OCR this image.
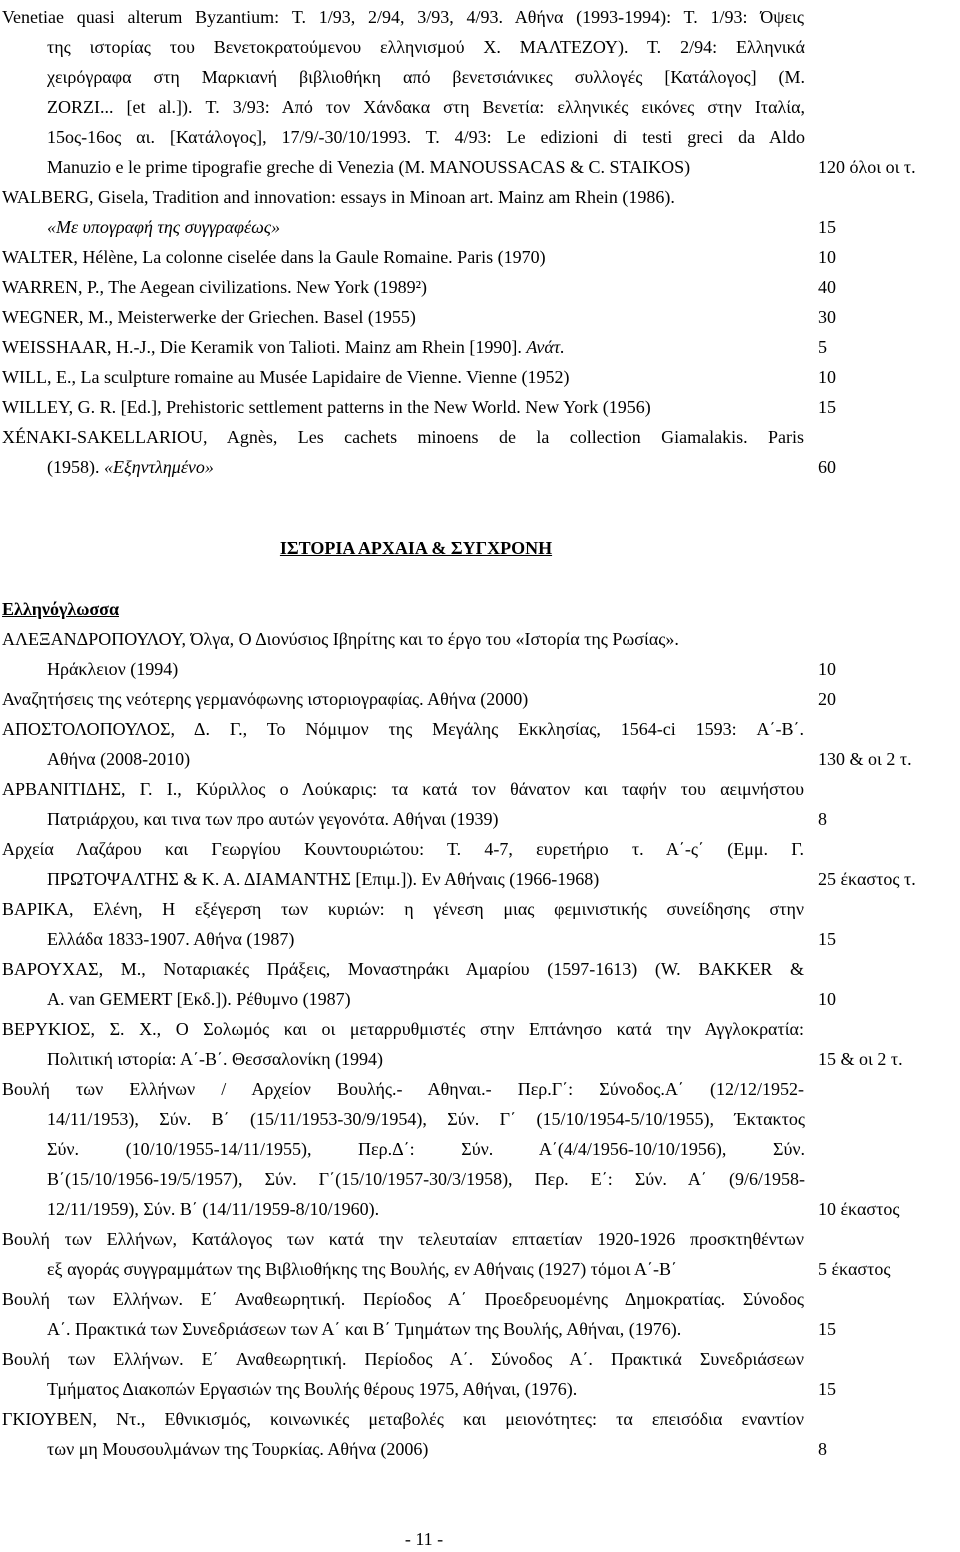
Venetiae quasi alterum Byzantium: Τ. 1/93, 2/94, 3/93, 4/93. Αθήνα (1993-1994): Τ. 1/93: Όψεις
της ιστορίας του Βενετοκρατούμενου ελληνισμού Χ. ΜΑΛΤΕΖΟΥ). Τ. 2/94: Ελληνικά
χειρόγραφα στη Μαρκιανή βιβλιοθήκη από βενετσιάνικες συλλογές [Κατάλογος] (Μ.
ZORZI... [et al.]). Τ. 3/93: Από τον Χάνδακα στη Βενετία: ελληνικές εικόνες στην Ιταλία,
15ος-16ος αι. [Κατάλογος], 17/9/-30/10/1993. Τ. 4/93: Le edizioni di testi greci da Aldo
Manuzio e le prime tipografie greche di Venezia (M. MANOUSSACAS & C. STAIKOS)	120 όλοι οι τ.
WALBERG, Gisela, Tradition and innovation: essays in Minoan art. Mainz am Rhein (1986).
«Με υπογραφή της συγγραφέως»	15
WALTER, Hélène, La colonne ciselée dans la Gaule Romaine. Paris (1970)	10
WARREN, P., The Aegean civilizations. New York (1989²)	40
WEGNER, M., Meisterwerke der Griechen. Basel (1955)	30
WEISSHAAR, H.-J., Die Keramik von Talioti. Mainz am Rhein [1990]. Ανάτ.	5
WILL, E., La sculpture romaine au Musée Lapidaire de Vienne. Vienne (1952)	10
WILLEY, G. R. [Ed.], Prehistoric settlement patterns in the New World. New York (1956)	15
ΧÉNAKI-SAKELLARIOU, Agnès, Les cachets minoens de la collection Giamalakis. Paris
(1958). «Εξηντλημένο»	60
ΙΣΤΟΡΙΑ ΑΡΧΑΙΑ & ΣΥΓΧΡΟΝΗ
Ελληνόγλωσσα
ΑΛΕΞΑΝΔΡΟΠΟΥΛΟΥ, Όλγα, Ο Διονύσιος Ιβηρίτης και το έργο του «Ιστορία της Ρωσίας».
Ηράκλειον (1994)	10
Αναζητήσεις της νεότερης γερμανόφωνης ιστοριογραφίας. Αθήνα (2000)	20
ΑΠΟΣΤΟΛΟΠΟΥΛΟΣ, Δ. Γ., Το Νόμιμον της Μεγάλης Εκκλησίας, 1564-ci 1593: Α΄-Β΄.
Αθήνα (2008-2010)	130 & οι 2 τ.
ΑΡΒΑΝΙΤΙΔΗΣ, Γ. Ι., Κύριλλος ο Λούκαρις: τα κατά τον θάνατον και ταφήν του αειμνήστου
Πατριάρχου, και τινα των προ αυτών γεγονότα. Αθήναι (1939)	8
Αρχεία Λαζάρου και Γεωργίου Κουντουριώτου: Τ. 4-7, ευρετήριο τ. Α΄-ς΄ (Εμμ. Γ.
ΠΡΩΤΟΨΑΛΤΗΣ & Κ. Α. ΔΙΑΜΑΝΤΗΣ [Επιμ.]). Εν Αθήναις (1966-1968)	25 έκαστος τ.
ΒΑΡΙΚΑ, Ελένη, Η εξέγερση των κυριών: η γένεση μιας φεμινιστικής συνείδησης στην
Ελλάδα 1833-1907. Αθήνα (1987)	15
ΒΑΡΟΥΧΑΣ, Μ., Νοταριακές Πράξεις, Μοναστηράκι Αμαρίου (1597-1613) (W. BAKKER &
A. van GEMERT [Εκδ.]). Ρέθυμνο (1987)	10
ΒΕΡΥΚΙΟΣ, Σ. Χ., Ο Σολωμός και οι μεταρρυθμιστές στην Επτάνησο κατά την Αγγλοκρατία:
Πολιτική ιστορία: Α΄-Β΄. Θεσσαλονίκη (1994)	15 & οι 2 τ.
Βουλή των Ελλήνων / Αρχείον Βουλής.- Αθηναι.- Περ.Γ΄: Σύνοδος.Α΄ (12/12/1952-
14/11/1953), Σύν. Β΄ (15/11/1953-30/9/1954), Σύν. Γ΄ (15/10/1954-5/10/1955), Έκτακτος
Σύν. (10/10/1955-14/11/1955), Περ.Δ΄: Σύν. Α΄(4/4/1956-10/10/1956), Σύν.
Β΄(15/10/1956-19/5/1957), Σύν. Γ΄(15/10/1957-30/3/1958), Περ. Ε΄: Σύν. Α΄ (9/6/1958-
12/11/1959), Σύν. Β΄ (14/11/1959-8/10/1960).	10 έκαστος
Βουλή των Ελλήνων, Κατάλογος των κατά την τελευταίαν επταετίαν 1920-1926 προσκτηθέντων
εξ αγοράς συγγραμμάτων της Βιβλιοθήκης της Βουλής, εν Αθήναις (1927) τόμοι Α΄-Β΄	5 έκαστος
Βουλή των Ελλήνων. Ε΄ Αναθεωρητική. Περίοδος Α΄ Προεδρευομένης Δημοκρατίας. Σύνοδος
Α΄. Πρακτικά των Συνεδριάσεων των Α΄ και Β΄ Τμημάτων της Βουλής, Αθήναι, (1976).	15
Βουλή των Ελλήνων. Ε΄ Αναθεωρητική. Περίοδος Α΄. Σύνοδος Α΄. Πρακτικά Συνεδριάσεων
Τμήματος Διακοπών Εργασιών της Βουλής θέρους 1975, Αθήναι, (1976).	15
ΓΚΙΟΥΒΕΝ, Ντ., Εθνικισμός, κοινωνικές μεταβολές και μειονότητες: τα επεισόδια εναντίον
των μη Μουσουλμάνων της Τουρκίας. Αθήνα (2006)	8
- 11 -
